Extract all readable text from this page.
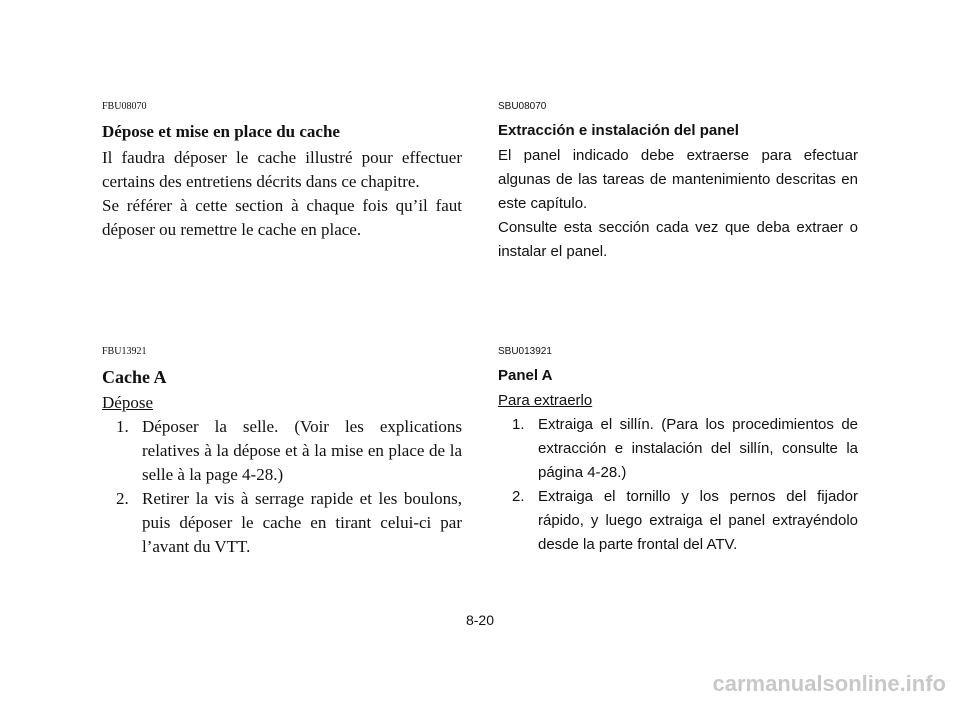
FBU08070

Dépose et mise en place du cache

Il faudra déposer le cache illustré pour effectuer certains des entretiens décrits dans ce chapitre.

Se référer à cette section à chaque fois qu’il faut déposer ou remettre le cache en place.

SBU08070

Extracción e instalación del panel

El panel indicado debe extraerse para efectuar algunas de las tareas de mantenimiento descritas en este capítulo.

Consulte esta sección cada vez que deba extraer o instalar el panel.

FBU13921

Cache A

Dépose

1. Déposer la selle. (Voir les explications relatives à la dépose et à la mise en place de la selle à la page 4-28.)
2. Retirer la vis à serrage rapide et les boulons, puis déposer le cache en tirant celui-ci par l’avant du VTT.

SBU013921

Panel A

Para extraerlo

1. Extraiga el sillín. (Para los procedimientos de extracción e instalación del sillín, consulte la página 4-28.)
2. Extraiga el tornillo y los pernos del fijador rápido, y luego extraiga el panel extrayéndolo desde la parte frontal del ATV.
8-20
carmanualsonline.info
